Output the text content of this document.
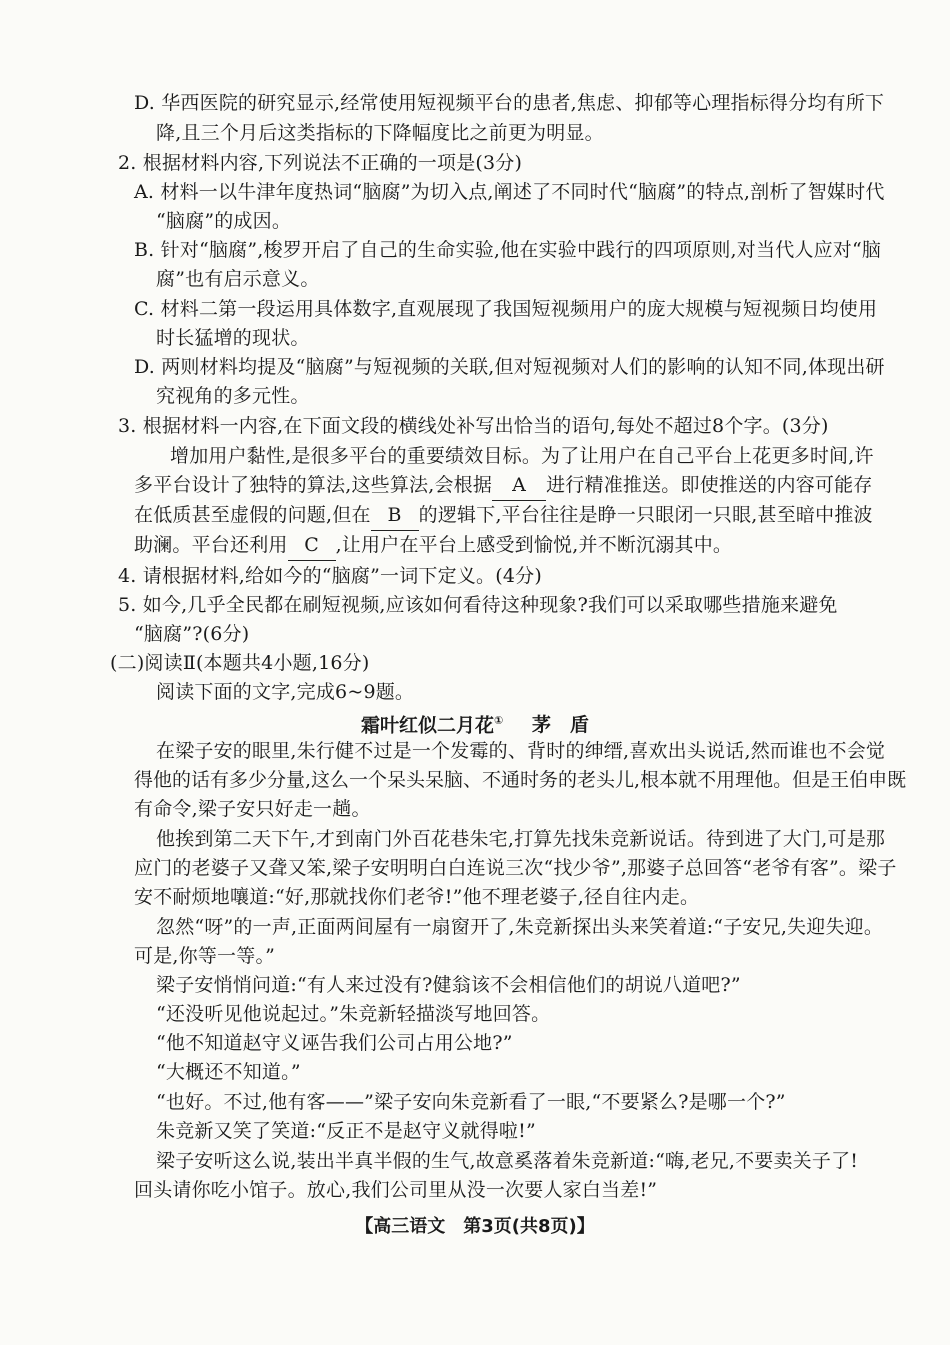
D. 华西医院的研究显示,经常使用短视频平台的患者,焦虑、抑郁等心理指标得分均有所下
降,且三个月后这类指标的下降幅度比之前更为明显。
2. 根据材料内容,下列说法不正确的一项是(3分)
A. 材料一以牛津年度热词“脑腐”为切入点,阐述了不同时代“脑腐”的特点,剖析了智媒时代
“脑腐”的成因。
B. 针对“脑腐”,梭罗开启了自己的生命实验,他在实验中践行的四项原则,对当代人应对“脑
腐”也有启示意义。
C. 材料二第一段运用具体数字,直观展现了我国短视频用户的庞大规模与短视频日均使用
时长猛增的现状。
D. 两则材料均提及“脑腐”与短视频的关联,但对短视频对人们的影响的认知不同,体现出研
究视角的多元性。
3. 根据材料一内容,在下面文段的横线处补写出恰当的语句,每处不超过8个字。(3分)
增加用户黏性,是很多平台的重要绩效目标。为了让用户在自己平台上花更多时间,许
多平台设计了独特的算法,这些算法,会根据 A 进行精准推送。即使推送的内容可能存
在低质甚至虚假的问题,但在 B 的逻辑下,平台往往是睁一只眼闭一只眼,甚至暗中推波
助澜。平台还利用 C ,让用户在平台上感受到愉悦,并不断沉溺其中。
4. 请根据材料,给如今的“脑腐”一词下定义。(4分)
5. 如今,几乎全民都在刷短视频,应该如何看待这种现象?我们可以采取哪些措施来避免
“脑腐”?(6分)
(二)阅读Ⅱ(本题共4小题,16分)
阅读下面的文字,完成6~9题。
霜叶红似二月花① 茅　盾
在梁子安的眼里,朱行健不过是一个发霉的、背时的绅缙,喜欢出头说话,然而谁也不会觉
得他的话有多少分量,这么一个呆头呆脑、不通时务的老头儿,根本就不用理他。但是王伯申既
有命令,梁子安只好走一趟。
他挨到第二天下午,才到南门外百花巷朱宅,打算先找朱竞新说话。待到进了大门,可是那
应门的老婆子又聋又笨,梁子安明明白白连说三次“找少爷”,那婆子总回答“老爷有客”。梁子
安不耐烦地嚷道:“好,那就找你们老爷!”他不理老婆子,径自往内走。
忽然“呀”的一声,正面两间屋有一扇窗开了,朱竞新探出头来笑着道:“子安兄,失迎失迎。
可是,你等一等。”
梁子安悄悄问道:“有人来过没有?健翁该不会相信他们的胡说八道吧?”
“还没听见他说起过。”朱竞新轻描淡写地回答。
“他不知道赵守义诬告我们公司占用公地?”
“大概还不知道。”
“也好。不过,他有客——”梁子安向朱竞新看了一眼,“不要紧么?是哪一个?”
朱竞新又笑了笑道:“反正不是赵守义就得啦!”
梁子安听这么说,装出半真半假的生气,故意奚落着朱竞新道:“嗨,老兄,不要卖关子了!
回头请你吃小馆子。放心,我们公司里从没一次要人家白当差!”
【高三语文　第3页(共8页)】
